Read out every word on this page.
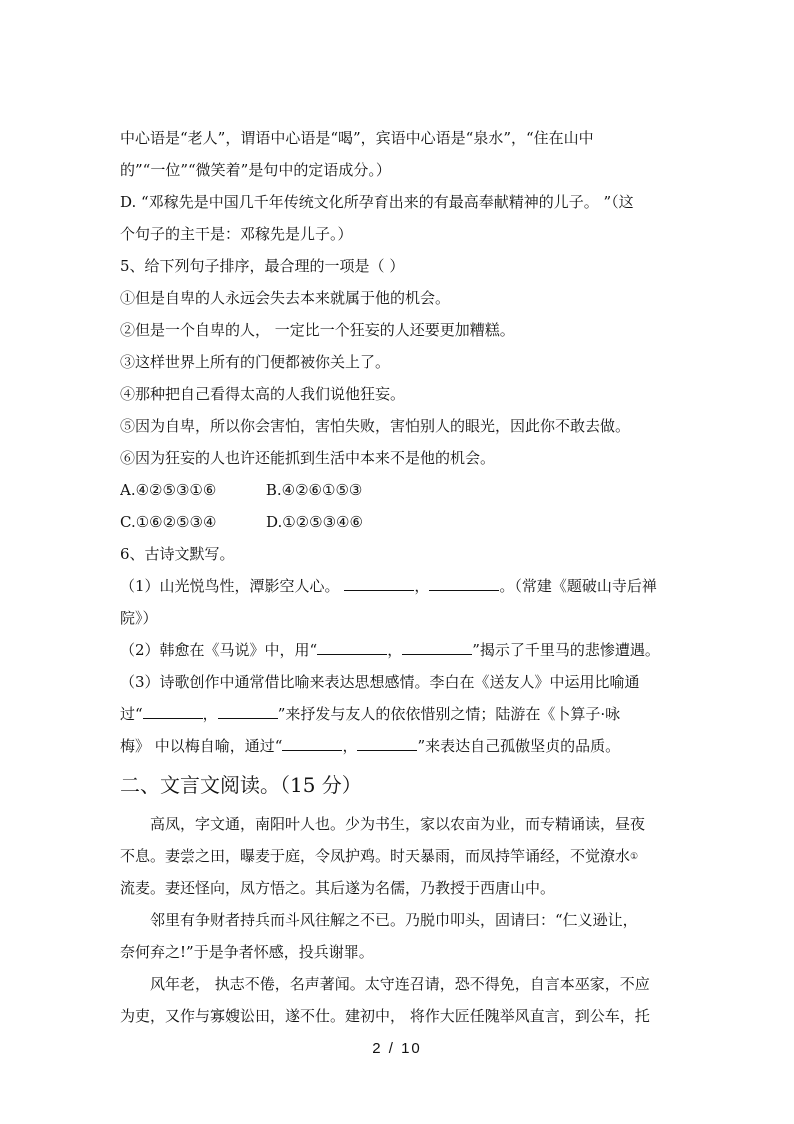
中心语是“老人”，谓语中心语是“喝”，宾语中心语是“泉水”，“住在山中
的”“一位”“微笑着”是句中的定语成分。）
D. “邓稼先是中国几千年传统文化所孕育出来的有最高奉献精神的儿子。 ”（这
个句子的主干是：邓稼先是儿子。）
5、给下列句子排序，最合理的一项是（ ）
①但是自卑的人永远会失去本来就属于他的机会。
②但是一个自卑的人， 一定比一个狂妄的人还要更加糟糕。
③这样世界上所有的门便都被你关上了。
④那种把自己看得太高的人我们说他狂妄。
⑤因为自卑，所以你会害怕，害怕失败，害怕别人的眼光，因此你不敢去做。
⑥因为狂妄的人也许还能抓到生活中本来不是他的机会。
A.④②⑤③①⑥	B.④②⑥①⑤③
C.①⑥②⑤③④	D.①②⑤③④⑥
6、古诗文默写。
（1）山光悦鸟性，潭影空人心。	，	。（常建《题破山寺后禅
院》）
（2）韩愈在《马说》中，用“	，	”揭示了千里马的悲惨遭遇。
（3）诗歌创作中通常借比喻来表达思想感情。李白在《送友人》中运用比喻通
过“	，	”来抒发与友人的依依惜别之情；陆游在《卜算子·咏
梅》 中以梅自喻，通过“	，	”来表达自己孤傲坚贞的品质。
二、文言文阅读。（15 分）
高凤，字文通，南阳叶人也。少为书生，家以农亩为业，而专精诵读，昼夜
不息。妻尝之田，曝麦于庭，令凤护鸡。时天暴雨，而凤持竿诵经，不觉潦水①
流麦。妻还怪向，凤方悟之。其后遂为名儒，乃教授于西唐山中。
邻里有争财者持兵而斗风往解之不已。乃脱巾叩头，固请曰：“仁义逊让，
奈何弃之!”于是争者怀感，投兵谢罪。
风年老， 执志不倦，名声著闻。太守连召请，恐不得免，自言本巫家，不应
为吏，又作与寡嫂讼田，遂不仕。建初中， 将作大匠任隗举风直言，到公车，托
2 / 10
